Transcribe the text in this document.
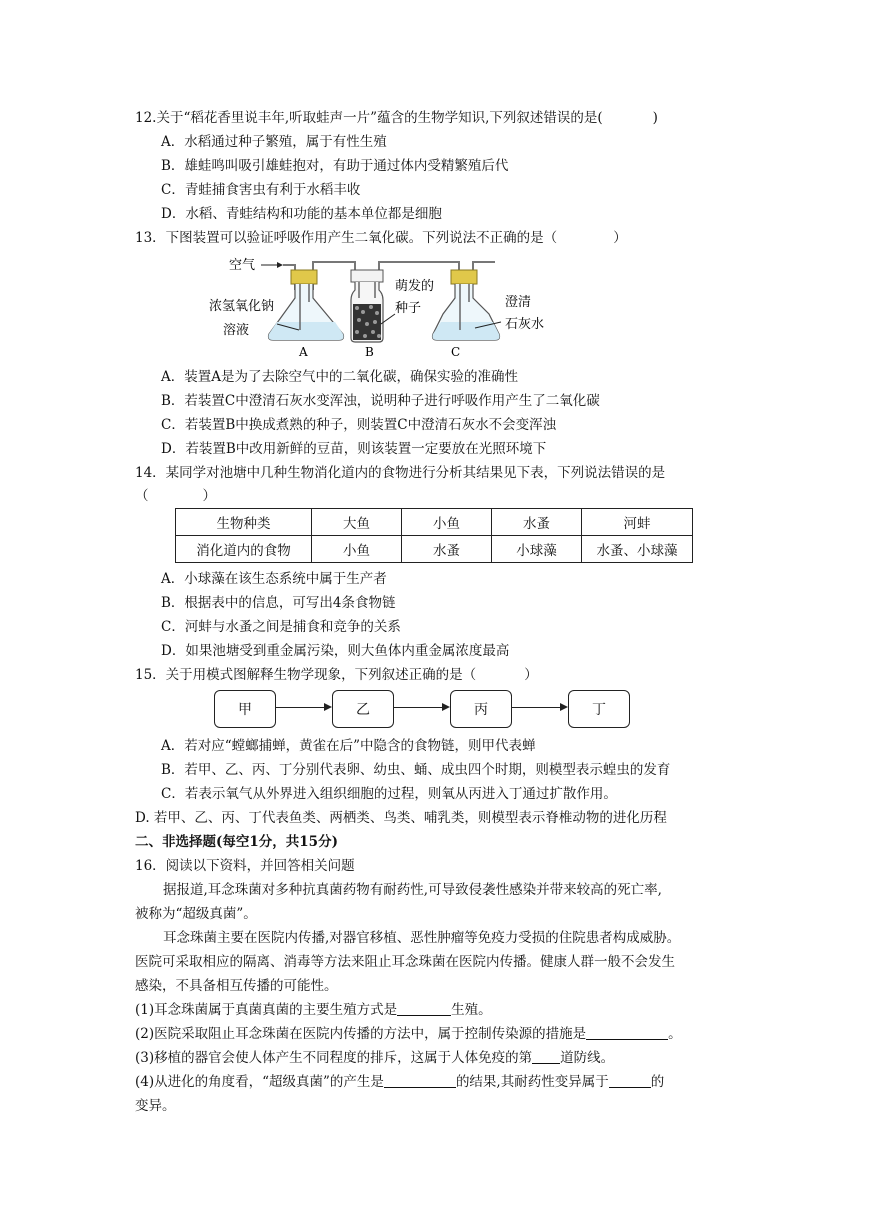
12.关于“稻花香里说丰年,听取蛙声一片”蕴含的生物学知识,下列叙述错误的是(	)
A．水稻通过种子繁殖，属于有性生殖
B．雄蛙鸣叫吸引雄蛙抱对，有助于通过体内受精繁殖后代
C．青蛙捕食害虫有利于水稻丰收
D．水稻、青蛙结构和功能的基本单位都是细胞
13．下图装置可以验证呼吸作用产生二氧化碳。下列说法不正确的是（	）
空气
浓氢氧化钠
溶液
A
萌发的
种子
B
澄清
石灰水
C
A．装置A是为了去除空气中的二氧化碳，确保实验的准确性
B．若装置C中澄清石灰水变浑浊，说明种子进行呼吸作用产生了二氧化碳
C．若装置B中换成煮熟的种子，则装置C中澄清石灰水不会变浑浊
D．若装置B中改用新鲜的豆苗，则该装置一定要放在光照环境下
14．某同学对池塘中几种生物消化道内的食物进行分析其结果见下表，下列说法错误的是
（　　　　）
生物种类	大鱼	小鱼	水蚤	河蚌
消化道内的食物	小鱼	水蚤	小球藻	水蚤、小球藻
A．小球藻在该生态系统中属于生产者
B．根据表中的信息，可写出4条食物链
C．河蚌与水蚤之间是捕食和竞争的关系
D．如果池塘受到重金属污染，则大鱼体内重金属浓度最高
15．关于用模式图解释生物学现象，下列叙述正确的是（	）
甲	乙	丙	丁
A．若对应“螳螂捕蝉，黄雀在后”中隐含的食物链，则甲代表蝉
B．若甲、乙、丙、丁分别代表卵、幼虫、蛹、成虫四个时期，则模型表示蝗虫的发育
C．若表示氧气从外界进入组织细胞的过程，则氧从丙进入丁通过扩散作用。
D. 若甲、乙、丙、丁代表鱼类、两栖类、鸟类、哺乳类，则模型表示脊椎动物的进化历程
二、非选择题(每空1分，共15分)
16．阅读以下资料，并回答相关问题
据报道,耳念珠菌对多种抗真菌药物有耐药性,可导致侵袭性感染并带来较高的死亡率,
被称为“超级真菌”。
耳念珠菌主要在医院内传播,对器官移植、恶性肿瘤等免疫力受损的住院患者构成威胁。
医院可采取相应的隔离、消毒等方法来阻止耳念珠菌在医院内传播。健康人群一般不会发生
感染，不具备相互传播的可能性。
(1)耳念珠菌属于真菌真菌的主要生殖方式是	生殖。
(2)医院采取阻止耳念珠菌在医院内传播的方法中，属于控制传染源的措施是	。
(3)移植的器官会使人体产生不同程度的排斥，这属于人体免疫的第 道防线。
(4)从进化的角度看，“超级真菌”的产生是	的结果,其耐药性变异属于	的
变异。
